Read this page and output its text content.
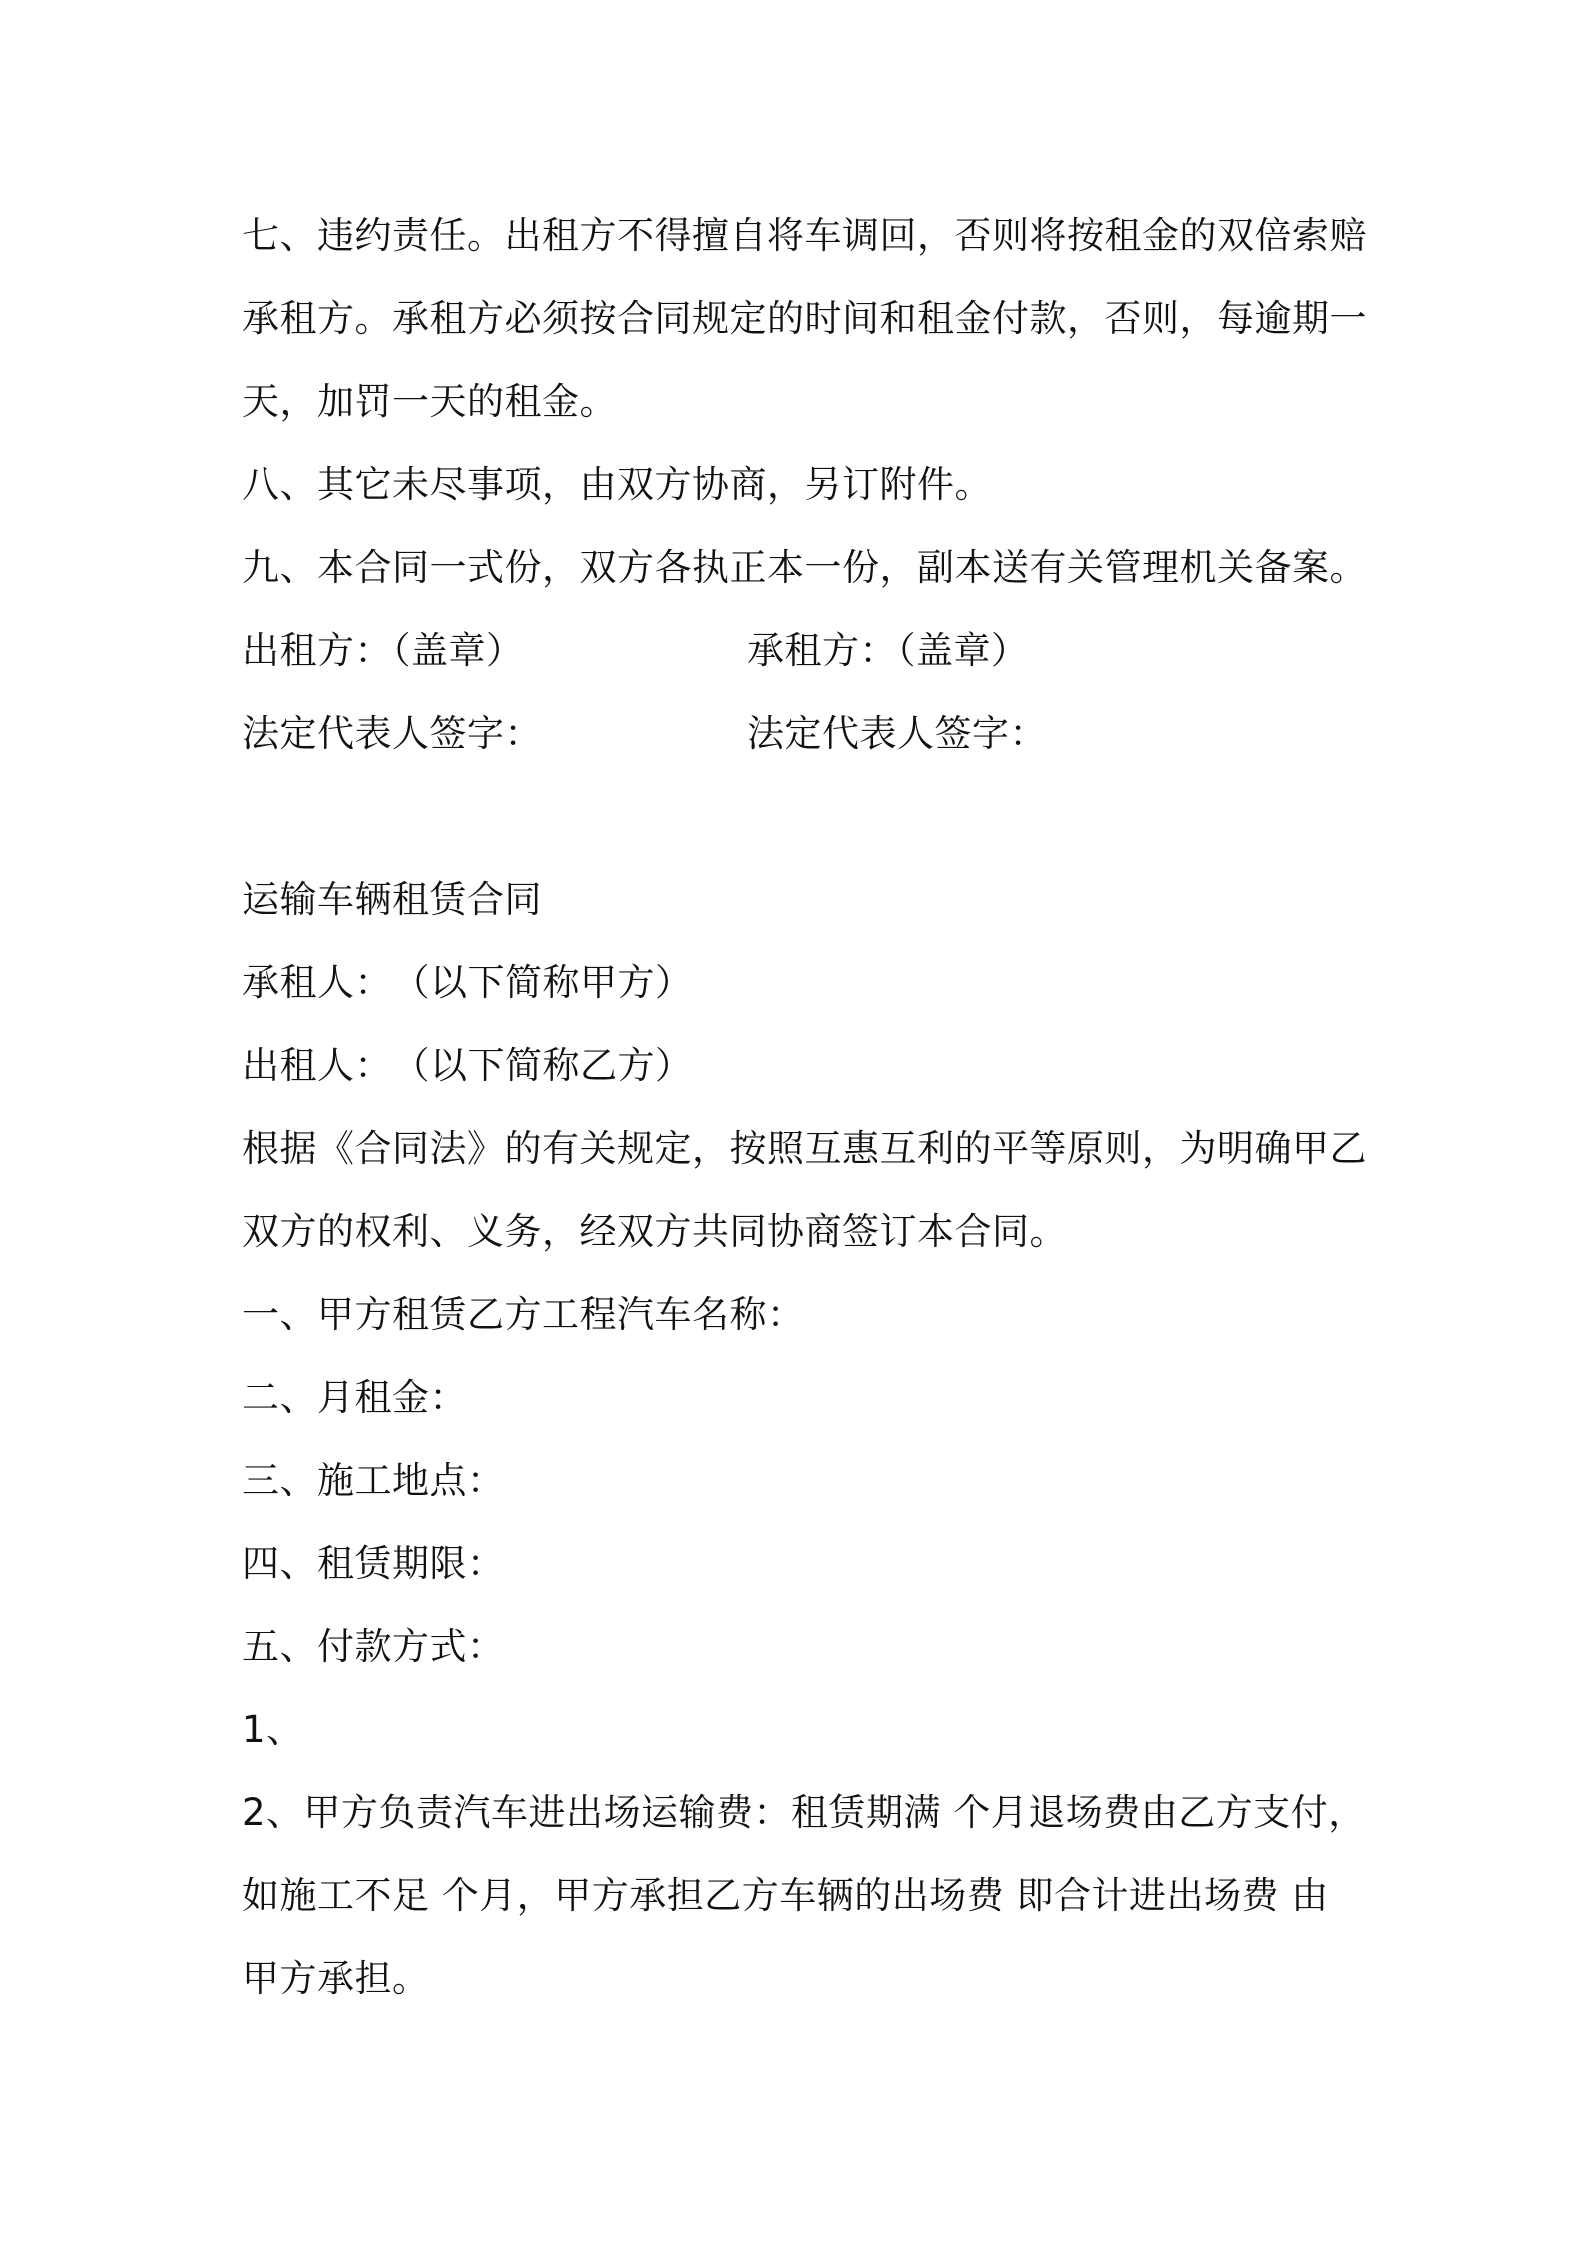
七、违约责任。出租方不得擅自将车调回，否则将按租金的双倍索赔
承租方。承租方必须按合同规定的时间和租金付款，否则，每逾期一
天，加罚一天的租金。
八、其它未尽事项，由双方协商，另订附件。
九、本合同一式份，双方各执正本一份，副本送有关管理机关备案。
出租方：（盖章）	承租方：（盖章）
法定代表人签字：	法定代表人签字：
运输车辆租赁合同
承租人：　（以下简称甲方）
出租人：　（以下简称乙方）
根据《合同法》的有关规定，按照互惠互利的平等原则，为明确甲乙
双方的权利、义务，经双方共同协商签订本合同。
一、甲方租赁乙方工程汽车名称：
二、月租金：
三、施工地点：
四、租赁期限：
五、付款方式：
1、
2、甲方负责汽车进出场运输费：租赁期满 个月退场费由乙方支付，
如施工不足 个月，甲方承担乙方车辆的出场费 即合计进出场费 由
甲方承担。
